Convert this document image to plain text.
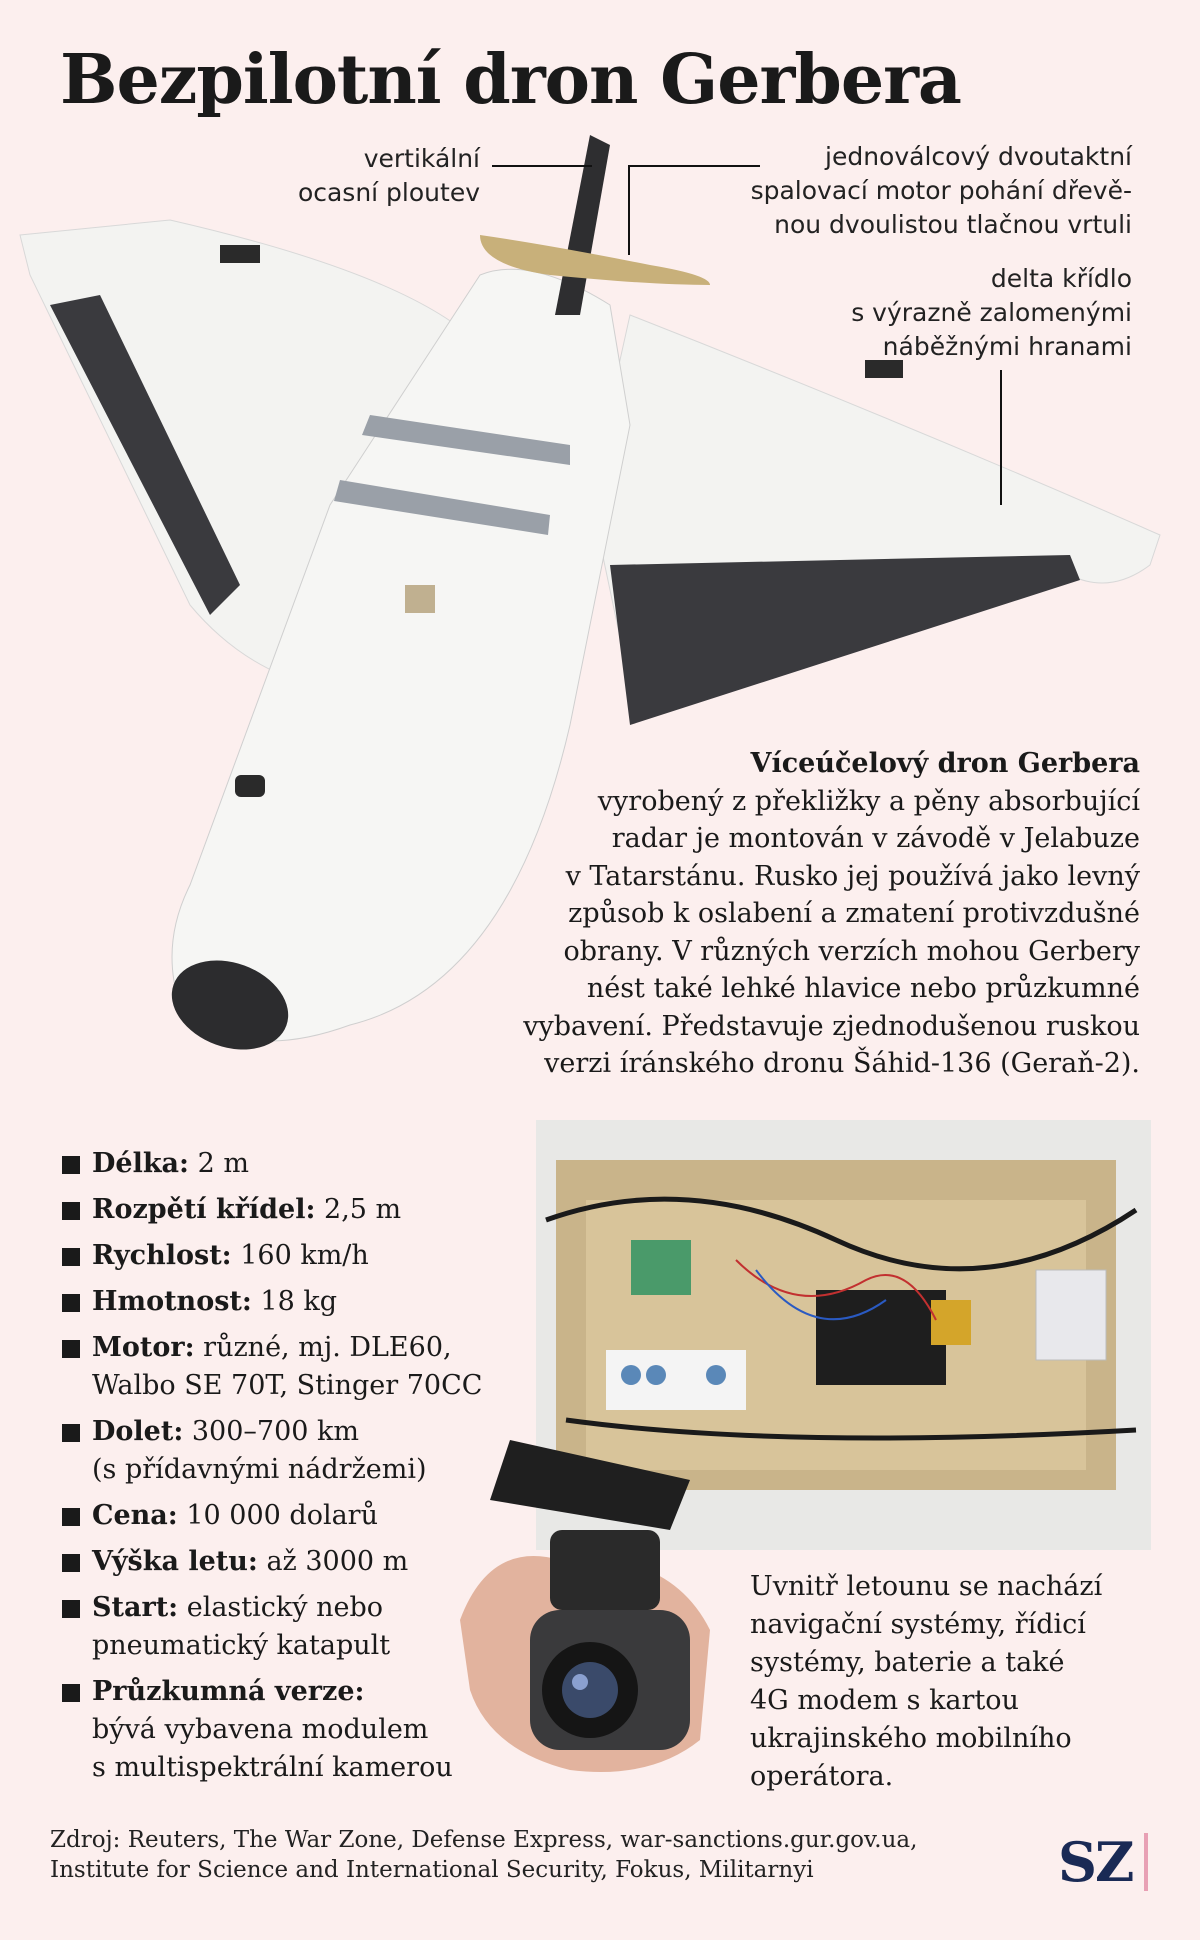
Bezpilotní dron Gerbera
vertikální
ocasní ploutev
jednoválcový dvoutaktní
spalovací motor pohání dřevě-
nou dvoulistou tlačnou vrtuli
delta křídlo
s výrazně zalomenými
náběžnými hranami
Víceúčelový dron Gerbera
vyrobený z překližky a pěny absorbující
radar je montován v závodě v Jelabuze
v Tatarstánu. Rusko jej používá jako levný
způsob k oslabení a zmatení protivzdušné
obrany. V různých verzích mohou Gerbery
nést také lehké hlavice nebo průzkumné
vybavení. Představuje zjednodušenou ruskou
verzi íránského dronu Šáhid-136 (Geraň-2).
Délka: 2 m
Rozpětí křídel: 2,5 m
Rychlost: 160 km/h
Hmotnost: 18 kg
Motor: různé, mj. DLE60,
Walbo SE 70T, Stinger 70CC
Dolet: 300–700 km
(s přídavnými nádržemi)
Cena: 10 000 dolarů
Výška letu: až 3000 m
Start: elastický nebo
pneumatický katapult
Průzkumná verze:
bývá vybavena modulem
s multispektrální kamerou
Uvnitř letounu se nachází
navigační systémy, řídicí
systémy, baterie a také
4G modem s kartou
ukrajinského mobilního
operátora.
Zdroj: Reuters, The War Zone, Defense Express, war-sanctions.gur.gov.ua,
Institute for Science and International Security, Fokus, Militarnyi	SZ
